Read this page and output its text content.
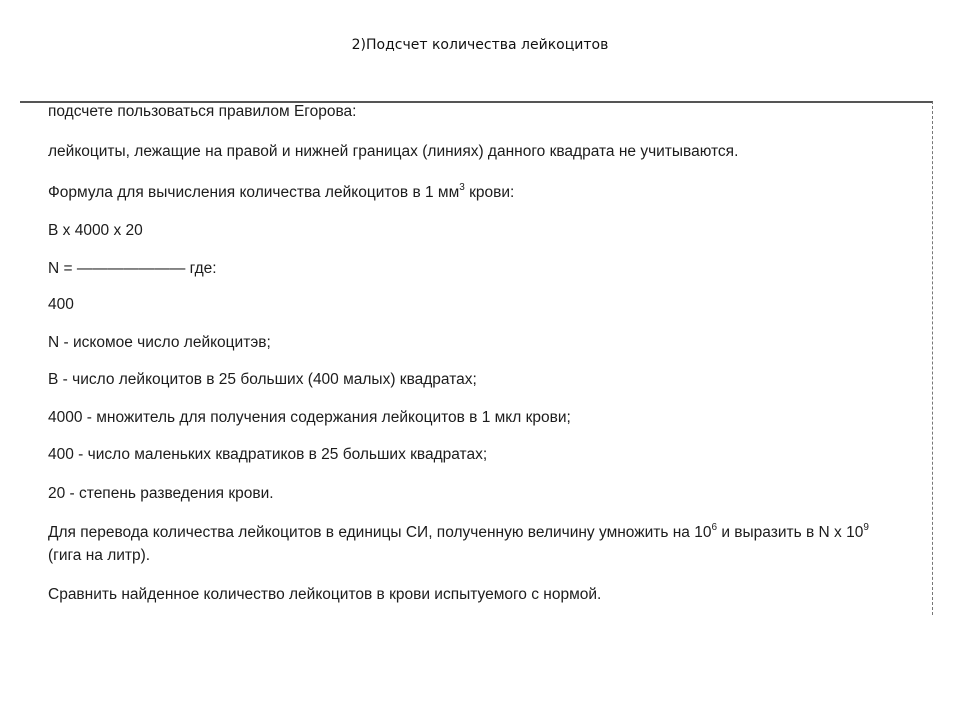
2)Подсчет количества лейкоцитов
подсчете пользоваться правилом Егорова:
лейкоциты, лежащие на правой и нижней границах (линиях) данного квадрата не учитываются.
Формула для вычисления количества лейкоцитов в 1 $мм^3$ крови:
В х 4000 х 20
N = ——————— где:
400
N - искомое число лейкоцитэв;
В - число лейкоцитов в 25 больших (400 малых) квадратах;
4000 - множитель для получения содержания лейкоцитов в 1 мкл крови;
400 - число маленьких квадратиков в 25 больших квадратах;
20 - степень разведения крови.
Для перевода количества лейкоцитов в единицы СИ, полученную величину умножить на $10^6$ и выразить в N х $10^9$
(гига на литр).
Сравнить найденное количество лейкоцитов в крови испытуемого с нормой.
